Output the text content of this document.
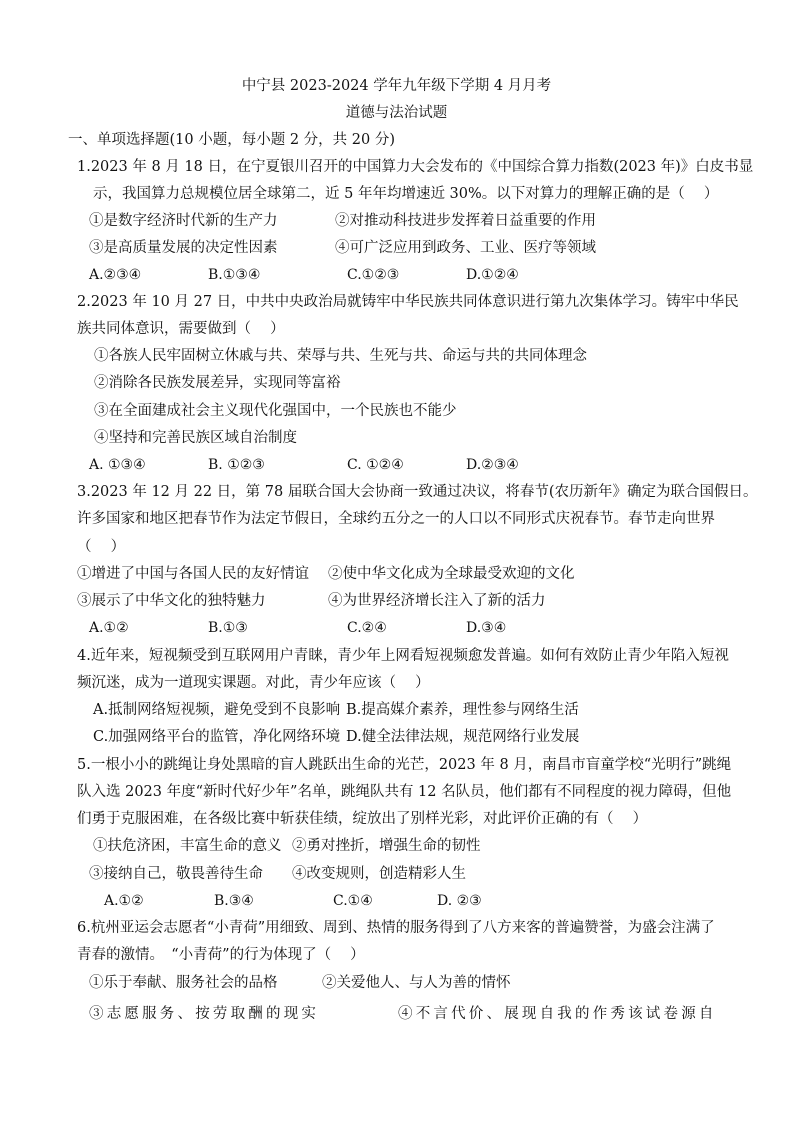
中宁县 2023-2024 学年九年级下学期 4 月月考
道德与法治试题
一、单项选择题(10 小题，每小题 2 分，共 20 分)
1.2023 年 8 月 18 日，在宁夏银川召开的中国算力大会发布的《中国综合算力指数(2023 年)》白皮书显
示，我国算力总规模位居全球第二，近 5 年年均增速近 30%。以下对算力的理解正确的是（　 ）
①是数字经济时代新的生产力	②对推动科技进步发挥着日益重要的作用
③是高质量发展的决定性因素	④可广泛应用到政务、工业、医疗等领域
A.②③④	B.①③④	C.①②③	D.①②④
2.2023 年 10 月 27 日，中共中央政治局就铸牢中华民族共同体意识进行第九次集体学习。铸牢中华民
族共同体意识，需要做到（　 ）
①各族人民牢固树立休戚与共、荣辱与共、生死与共、命运与共的共同体理念
②消除各民族发展差异，实现同等富裕
③在全面建成社会主义现代化强国中，一个民族也不能少
④坚持和完善民族区域自治制度
A. ①③④	B. ①②③	C. ①②④	D.②③④
3.2023 年 12 月 22 日，第 78 届联合国大会协商一致通过决议，将春节(农历新年》确定为联合国假日。
许多国家和地区把春节作为法定节假日，全球约五分之一的人口以不同形式庆祝春节。春节走向世界
（　 ）
①增进了中国与各国人民的友好情谊 ②使中华文化成为全球最受欢迎的文化
③展示了中华文化的独特魅力	④为世界经济增长注入了新的活力
A.①②	B.①③	C.②④	D.③④
4.近年来，短视频受到互联网用户青睐，青少年上网看短视频愈发普遍。如何有效防止青少年陷入短视
频沉迷，成为一道现实课题。对此，青少年应该（　 ）
A.抵制网络短视频，避免受到不良影响 B.提高媒介素养，理性参与网络生活
C.加强网络平台的监管，净化网络环境 D.健全法律法规，规范网络行业发展
5.一根小小的跳绳让身处黑暗的盲人跳跃出生命的光芒，2023 年 8 月，南昌市盲童学校“光明行”跳绳
队入选 2023 年度“新时代好少年”名单，跳绳队共有 12 名队员，他们都有不同程度的视力障碍，但他
们勇于克服困难，在各级比赛中斩获佳绩，绽放出了别样光彩，对此评价正确的有（　 ）
①扶危济困，丰富生命的意义 ②勇对挫折，增强生命的韧性
③接纳自己，敬畏善待生命 ④改变规则，创造精彩人生
A.①②	B.③④	C.①④	D. ②③
6.杭州亚运会志愿者“小青荷”用细致、周到、热情的服务得到了八方来客的普遍赞誉，为盛会注满了
青春的激情。　“小青荷”的行为体现了（　 ）
①乐于奉献、服务社会的品格	②关爱他人、与人为善的情怀
③志愿服务、按劳取酬的现实	④不言代价、展现自我的作秀该试卷源自
